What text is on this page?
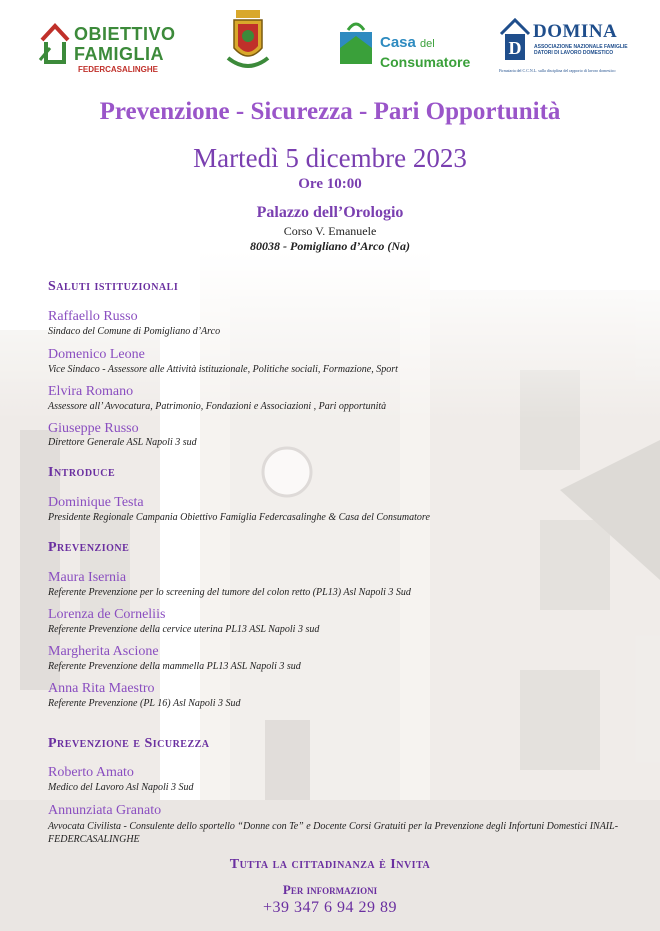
OBIETTIVO
FAMIGLIA
FEDERCASALINGHE
Casa del
Consumatore
D
DOMINA
ASSOCIAZIONE NAZIONALE FAMIGLIE DATORI DI LAVORO DOMESTICO
Firmataria del C.C.N.L. sulla disciplina del rapporto di lavoro domestico
Prevenzione - Sicurezza - Pari Opportunità
Martedì 5 dicembre 2023
Ore 10:00
Palazzo dell’Orologio
Corso V. Emanuele
80038 - Pomigliano d’Arco (Na)
Saluti istituzionali
Raffaello Russo
Sindaco del Comune di Pomigliano d’Arco
Domenico Leone
Vice Sindaco - Assessore alle Attività istituzionale, Politiche sociali, Formazione, Sport
Elvira Romano
Assessore all’ Avvocatura, Patrimonio, Fondazioni e Associazioni , Pari opportunità
Giuseppe Russo
Direttore Generale ASL Napoli 3 sud
Introduce
Dominique Testa
Presidente Regionale Campania Obiettivo Famiglia Federcasalinghe & Casa del Consumatore
Prevenzione
Maura Isernia
Referente Prevenzione per lo screening del tumore del colon retto (PL13) Asl Napoli 3 Sud
Lorenza de Corneliis
Referente Prevenzione della cervice uterina PL13 ASL Napoli 3 sud
Margherita Ascione
Referente Prevenzione della mammella PL13 ASL Napoli 3 sud
Anna Rita Maestro
Referente Prevenzione (PL 16) Asl Napoli 3 Sud
Prevenzione e Sicurezza
Roberto Amato
Medico del Lavoro Asl Napoli 3 Sud
Annunziata Granato
Avvocata Civilista - Consulente dello sportello “Donne con Te” e Docente Corsi Gratuiti per la Prevenzione degli Infortuni Domestici INAIL- FEDERCASALINGHE
Tutta la cittadinanza è Invita
Per informazioni
+39 347 6 94 29 89
